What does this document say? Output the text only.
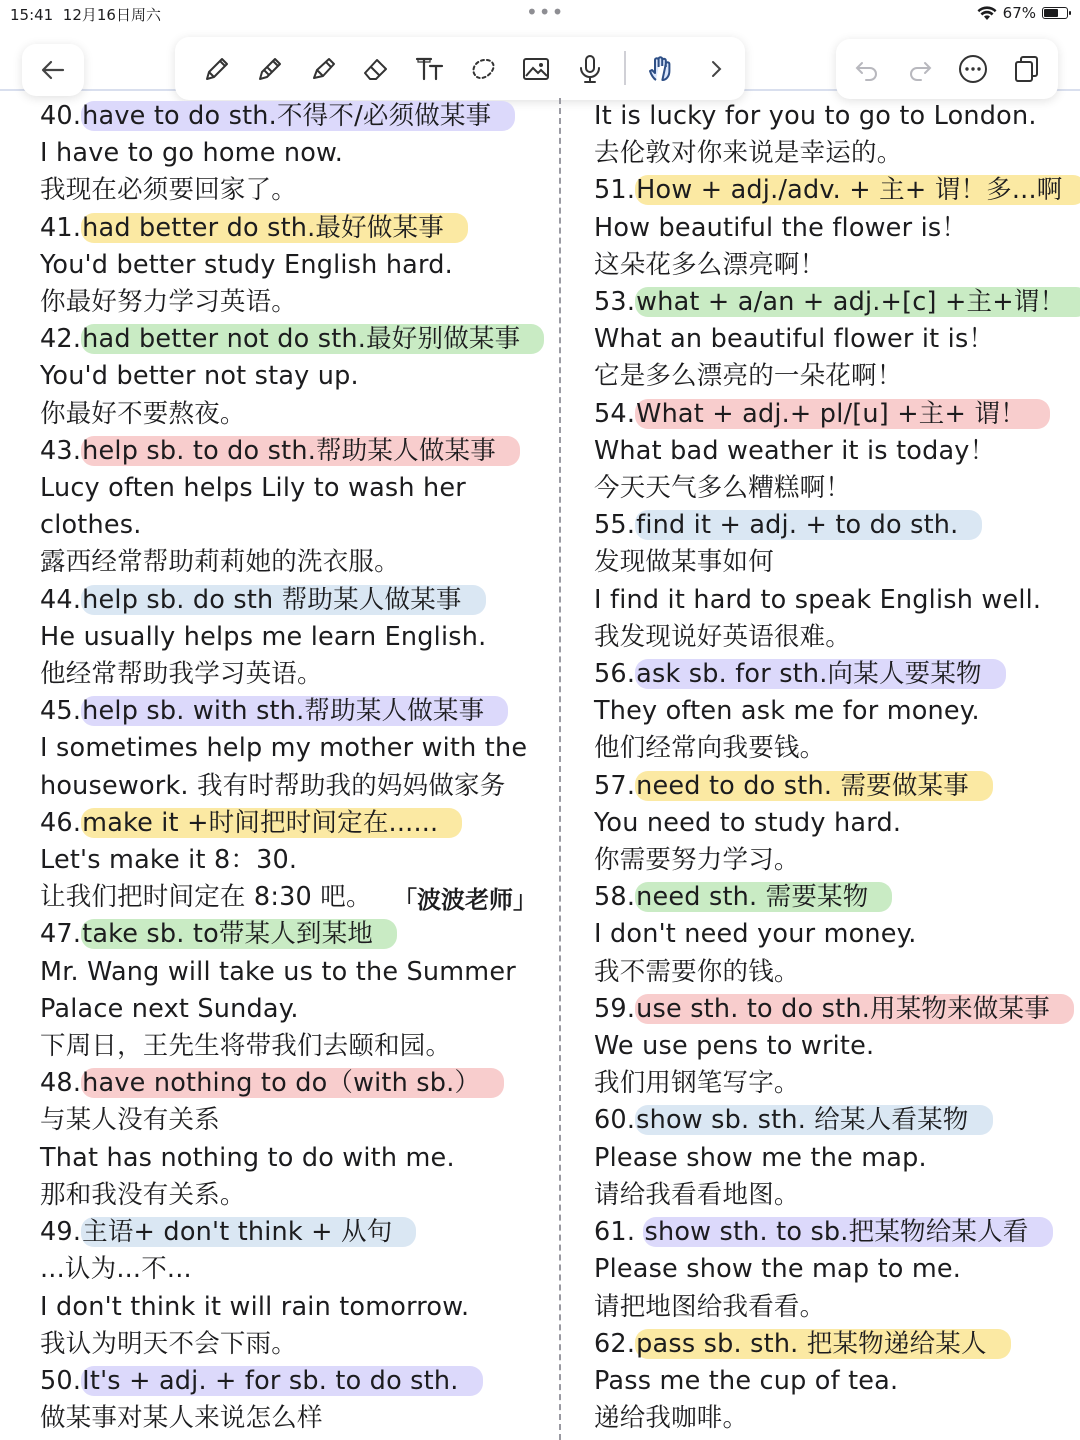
15:41 12月16日周六	•••	67%
40.have to do sth.不得不/必须做某事
I have to go home now.
我现在必须要回家了。
41.had better do sth.最好做某事
You'd better study English hard.
你最好努力学习英语。
42.had better not do sth.最好别做某事
You'd better not stay up.
你最好不要熬夜。
43.help sb. to do sth.帮助某人做某事
Lucy often helps Lily to wash her
clothes.
露西经常帮助莉莉她的洗衣服。
44.help sb. do sth 帮助某人做某事
He usually helps me learn English.
他经常帮助我学习英语。
45.help sb. with sth.帮助某人做某事
I sometimes help my mother with the
housework. 我有时帮助我的妈妈做家务
46.make it +时间把时间定在......
Let's make it 8：30.
让我们把时间定在 8:30 吧。
47.take sb. to带某人到某地
Mr. Wang will take us to the Summer
Palace next Sunday.
下周日，王先生将带我们去颐和园。
48.have nothing to do（with sb.）
与某人没有关系
That has nothing to do with me.
那和我没有关系。
49.主语+ don't think + 从句
...认为...不...
I don't think it will rain tomorrow.
我认为明天不会下雨。
50.It's + adj. + for sb. to do sth.
做某事对某人来说怎么样
It is lucky for you to go to London.
去伦敦对你来说是幸运的。
51.How + adj./adv. + 主+ 谓！多...啊
How beautiful the flower is！
这朵花多么漂亮啊！
53.what + a/an + adj.+[c] +主+谓！
What an beautiful flower it is！
它是多么漂亮的一朵花啊！
54.What + adj.+ pl/[u] +主+ 谓！
What bad weather it is today！
今天天气多么糟糕啊！
55.find it + adj. + to do sth.
发现做某事如何
I find it hard to speak English well.
我发现说好英语很难。
56.ask sb. for sth.向某人要某物
They often ask me for money.
他们经常向我要钱。
57.need to do sth. 需要做某事
You need to study hard.
你需要努力学习。
58.need sth. 需要某物
I don't need your money.
我不需要你的钱。
59.use sth. to do sth.用某物来做某事
We use pens to write.
我们用钢笔写字。
60.show sb. sth. 给某人看某物
Please show me the map.
请给我看看地图。
61. show sth. to sb.把某物给某人看
Please show the map to me.
请把地图给我看看。
62.pass sb. sth. 把某物递给某人
Pass me the cup of tea.
递给我咖啡。
「波波老师」
